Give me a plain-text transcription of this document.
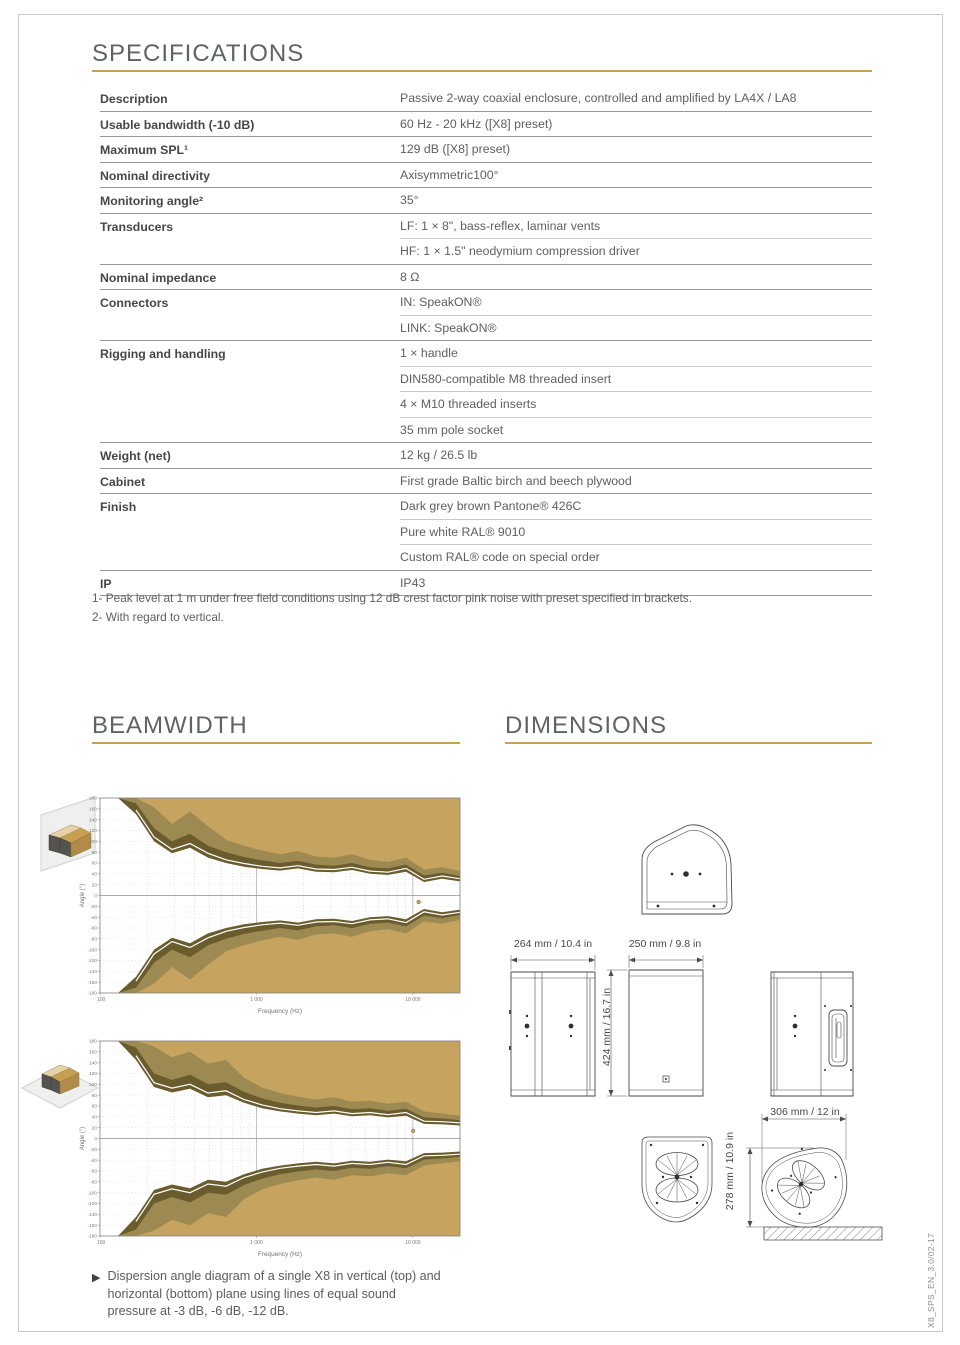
SPECIFICATIONS
Description	Passive 2-way coaxial enclosure, controlled and amplified by LA4X / LA8
Usable bandwidth (-10 dB)	60 Hz - 20 kHz ([X8] preset)
Maximum SPL¹	129 dB ([X8] preset)
Nominal directivity	Axisymmetric100°
Monitoring angle²	35°
Transducers	LF: 1 × 8", bass-reflex, laminar vents
HF: 1 × 1.5" neodymium compression driver
Nominal impedance	8 Ω
Connectors	IN: SpeakON®
LINK: SpeakON®
Rigging and handling	1 × handle
DIN580-compatible M8 threaded insert
4 × M10 threaded inserts
35 mm pole socket
Weight (net)	12 kg / 26.5 lb
Cabinet	First grade Baltic birch and beech plywood
Finish	Dark grey brown Pantone® 426C
Pure white RAL® 9010
Custom RAL® code on special order
IP	IP43
1- Peak level at 1 m under free field conditions using 12 dB crest factor pink noise with preset specified in brackets.
2- With regard to vertical.
BEAMWIDTH
180
160
140
120
100
80
60
40
20
0
-20
-40
-60
-80
-100
-120
-140
-160
-180
100	1 000	10 000
Frequency (Hz)
Angle (°)
180
160
140
120
100
80
60
40
20
0
-20
-40
-60
-80
-100
-120
-140
-160
-180
100	1 000	10 000
Frequency (Hz)
Angle (°)
▶ Dispersion angle diagram of a single X8 in vertical (top) and horizontal (bottom) plane using lines of equal sound pressure at -3 dB, -6 dB, -12 dB.
DIMENSIONS
264 mm / 10.4 in	250 mm / 9.8 in
424 mm / 16.7 in
306 mm / 12 in
278 mm / 10.9 in
X8_SPS_EN_3.0/02-17
